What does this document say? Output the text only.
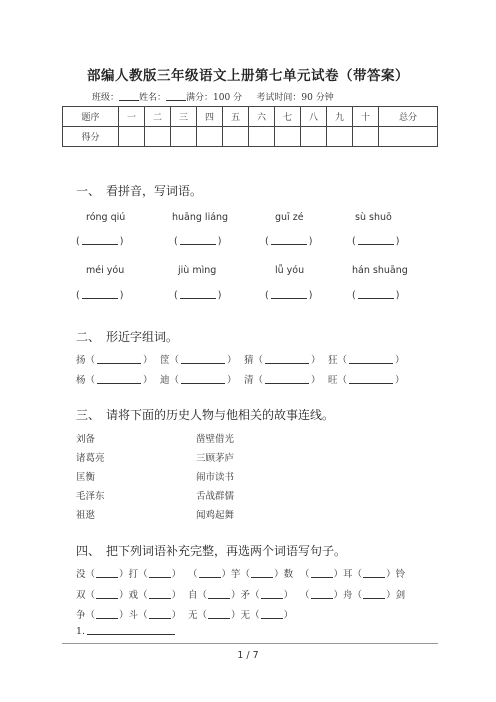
部编人教版三年级语文上册第七单元试卷（带答案）
班级： 姓名： 满分：100 分 考试时间：90 分钟
题序	一	二	三	四	五	六	七	八	九	十	总分
得分											
一、 看拼音，写词语。
róng qiú	huāng liáng	guī zé	sù shuō
(	)	(	)	(	)	(	)
méi yóu	jiù mìng	lǚ yóu	hán shuāng
(	)	(	)	(	)	(	)
二、 形近字组词。
扬（	） 筐（	） 猜（	） 狂（	）
杨（	） 迪（	） 清（	） 旺（	）
三、 请将下面的历史人物与他相关的故事连线。
刘备
诸葛亮
匡衡
毛泽东
祖逖
凿壁借光
三顾茅庐
闹市读书
舌战群儒
闻鸡起舞
四、 把下列词语补充完整，再选两个词语写句子。
没（	）打（	） （	）竽（	）数 （	）耳（	）铃
双（	）戏（	） 自（	）矛（	） （	）舟（	）剑
争（	）斗（	） 无（	）无（	）
1.
1 / 7
